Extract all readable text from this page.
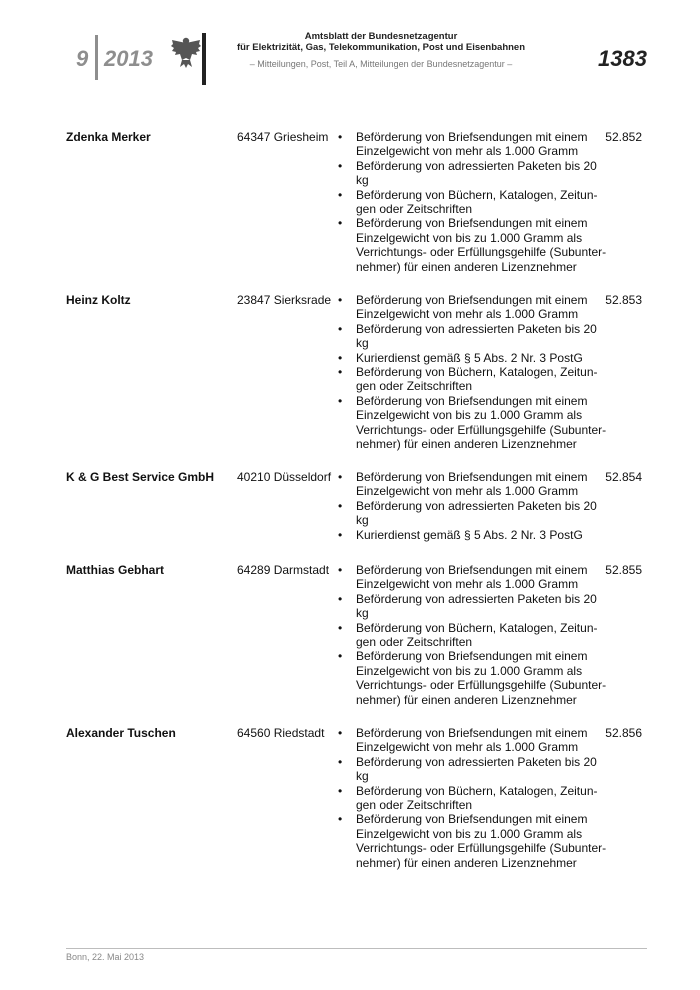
9 2013
Amtsblatt der Bundesnetzagentur
für Elektrizität, Gas, Telekommunikation, Post und Eisenbahnen
– Mitteilungen, Post, Teil A, Mitteilungen der Bundesnetzagentur –	1383
Zdenka Merker	64347 Griesheim	• Beförderung von Briefsendungen mit einem Einzelgewicht von mehr als 1.000 Gramm
• Beförderung von adressierten Paketen bis 20 kg
• Beförderung von Büchern, Katalogen, Zeitun-gen oder Zeitschriften
• Beförderung von Briefsendungen mit einem Einzelgewicht von bis zu 1.000 Gramm als Verrichtungs- oder Erfüllungsgehilfe (Subunter-nehmer) für einen anderen Lizenznehmer
52.852
Heinz Koltz	23847 Sierksrade	• Beförderung von Briefsendungen mit einem Einzelgewicht von mehr als 1.000 Gramm
• Beförderung von adressierten Paketen bis 20 kg
• Kurierdienst gemäß § 5 Abs. 2 Nr. 3 PostG
• Beförderung von Büchern, Katalogen, Zeitun-gen oder Zeitschriften
• Beförderung von Briefsendungen mit einem Einzelgewicht von bis zu 1.000 Gramm als Verrichtungs- oder Erfüllungsgehilfe (Subunter-nehmer) für einen anderen Lizenznehmer
52.853
K & G Best Service GmbH 40210 Düsseldorf	• Beförderung von Briefsendungen mit einem Einzelgewicht von mehr als 1.000 Gramm
• Beförderung von adressierten Paketen bis 20 kg
• Kurierdienst gemäß § 5 Abs. 2 Nr. 3 PostG
52.854
Matthias Gebhart	64289 Darmstadt	• Beförderung von Briefsendungen mit einem Einzelgewicht von mehr als 1.000 Gramm
• Beförderung von adressierten Paketen bis 20 kg
• Beförderung von Büchern, Katalogen, Zeitun-gen oder Zeitschriften
• Beförderung von Briefsendungen mit einem Einzelgewicht von bis zu 1.000 Gramm als Verrichtungs- oder Erfüllungsgehilfe (Subunter-nehmer) für einen anderen Lizenznehmer
52.855
Alexander Tuschen	64560 Riedstadt	• Beförderung von Briefsendungen mit einem Einzelgewicht von mehr als 1.000 Gramm
• Beförderung von adressierten Paketen bis 20 kg
• Beförderung von Büchern, Katalogen, Zeitun-gen oder Zeitschriften
• Beförderung von Briefsendungen mit einem Einzelgewicht von bis zu 1.000 Gramm als Verrichtungs- oder Erfüllungsgehilfe (Subunter-nehmer) für einen anderen Lizenznehmer
52.856
Bonn, 22. Mai 2013
